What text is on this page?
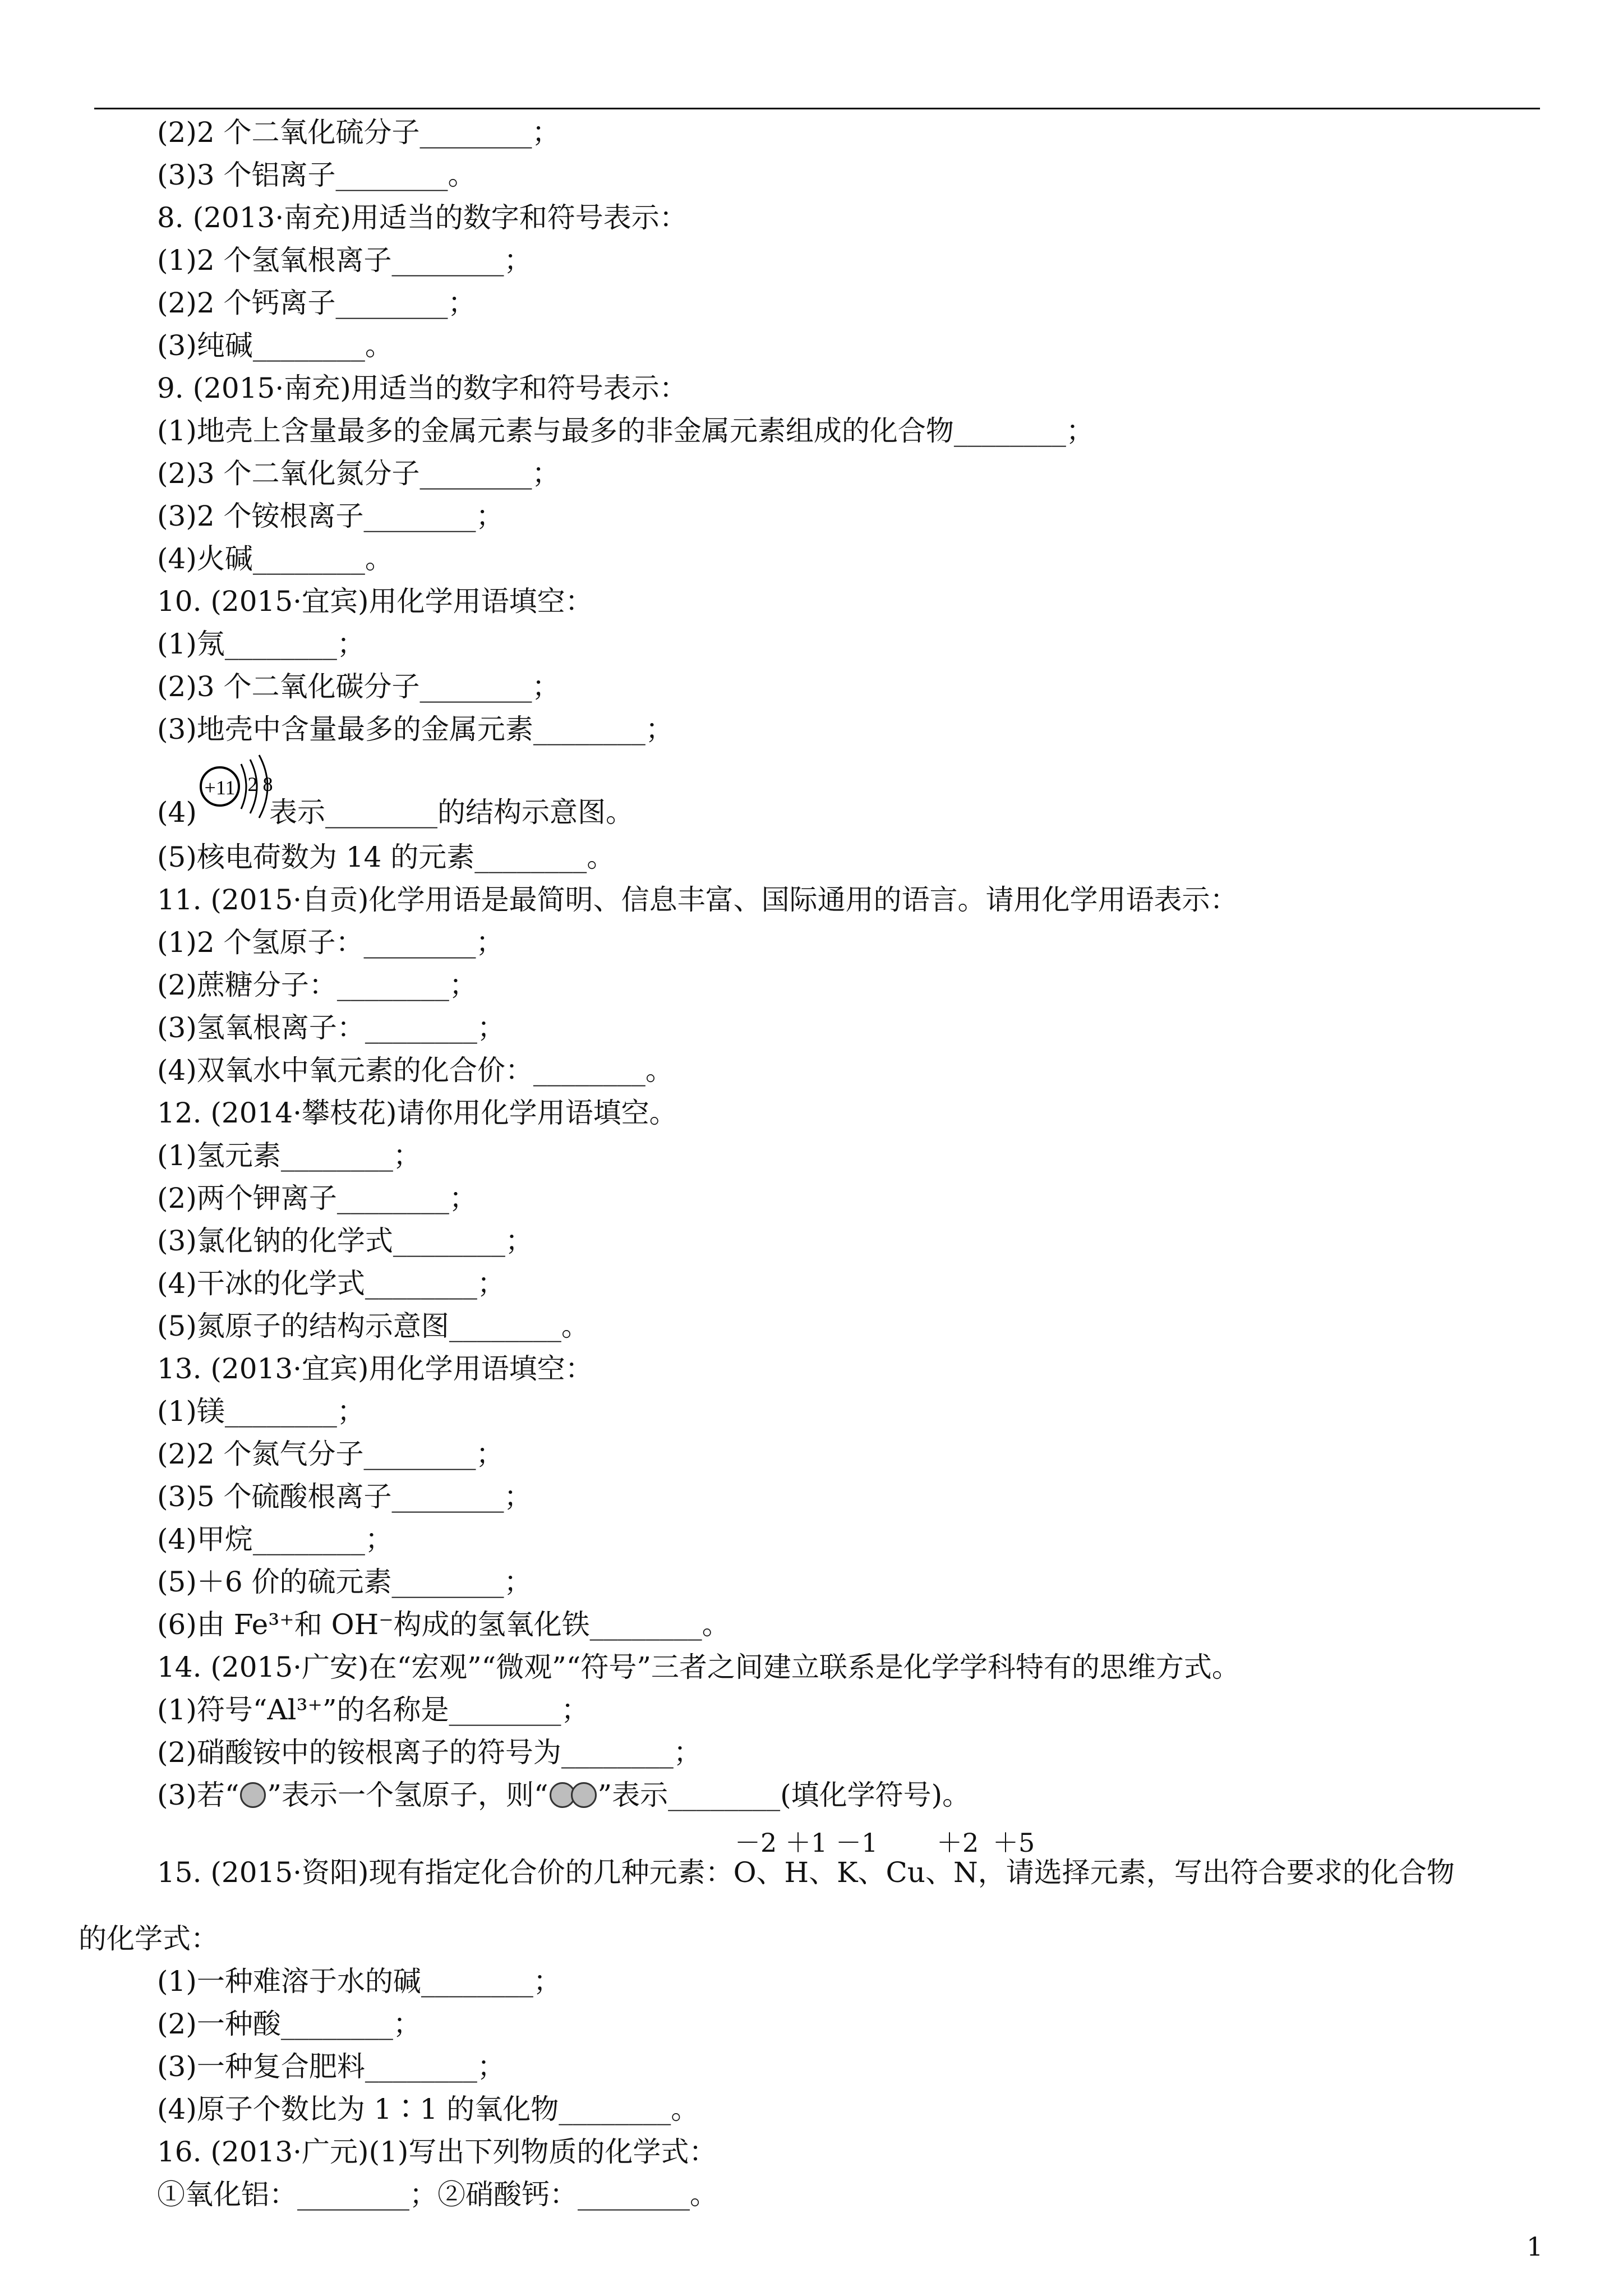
(2)2 个二氧化硫分子________；
(3)3 个铝离子________。
8. (2013·南充)用适当的数字和符号表示：
(1)2 个氢氧根离子________；
(2)2 个钙离子________；
(3)纯碱________。
9. (2015·南充)用适当的数字和符号表示：
(1)地壳上含量最多的金属元素与最多的非金属元素组成的化合物________；
(2)3 个二氧化氮分子________；
(3)2 个铵根离子________；
(4)火碱________。
10. (2015·宜宾)用化学用语填空：
(1)氖________；
(2)3 个二氧化碳分子________；
(3)地壳中含量最多的金属元素________；
(4)
+11 2 8
表示________的结构示意图。
(5)核电荷数为 14 的元素________。
11. (2015·自贡)化学用语是最简明、信息丰富、国际通用的语言。请用化学用语表示：
(1)2 个氢原子：________；
(2)蔗糖分子：________；
(3)氢氧根离子：________；
(4)双氧水中氧元素的化合价：________。
12. (2014·攀枝花)请你用化学用语填空。
(1)氢元素________；
(2)两个钾离子________；
(3)氯化钠的化学式________；
(4)干冰的化学式________；
(5)氮原子的结构示意图________。
13. (2013·宜宾)用化学用语填空：
(1)镁________；
(2)2 个氮气分子________；
(3)5 个硫酸根离子________；
(4)甲烷________；
(5)＋6 价的硫元素________；
(6)由 Fe³⁺和 OH⁻构成的氢氧化铁________。
14. (2015·广安)在“宏观”“微观”“符号”三者之间建立联系是化学学科特有的思维方式。
(1)符号“Al³⁺”的名称是________；
(2)硝酸铵中的铵根离子的符号为________；
(3)若“ ”表示一个氢原子，则“ ”表示________(填化学符号)。
－2 ＋1 －1 ＋2 ＋5
15. (2015·资阳)现有指定化合价的几种元素：O、H、K、Cu、N，请选择元素，写出符合要求的化合物
的化学式：
(1)一种难溶于水的碱________；
(2)一种酸________；
(3)一种复合肥料________；
(4)原子个数比为 1∶1 的氧化物________。
16. (2013·广元)(1)写出下列物质的化学式：
①氧化铝：________；②硝酸钙：________。
1
